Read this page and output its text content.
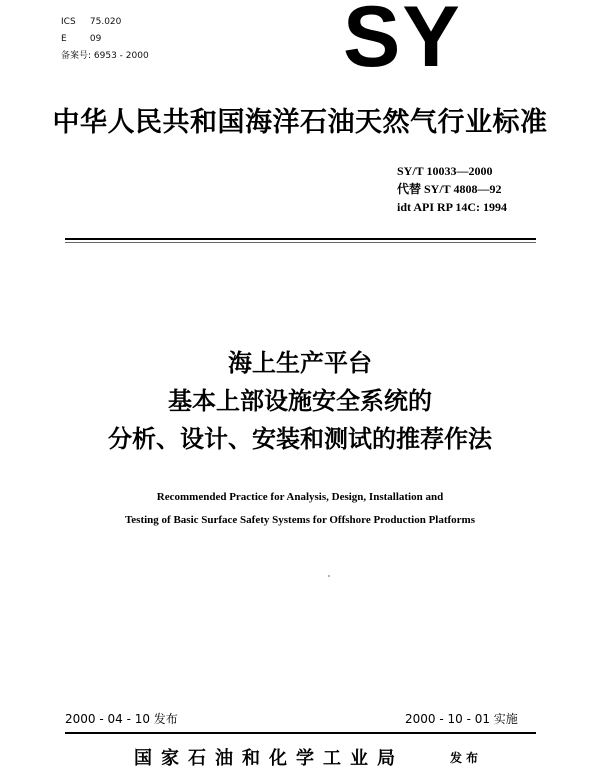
ICS 75.020
E	09
备案号: 6953 - 2000 SY
中华人民共和国海洋石油天然气行业标准
SY/T 10033—2000
代替 SY/T 4808—92
idt API RP 14C: 1994
海上生产平台
基本上部设施安全系统的
分析、设计、安装和测试的推荐作法
Recommended Practice for Analysis, Design, Installation and
Testing of Basic Surface Safety Systems for Offshore Production Platforms
2000 - 04 - 10 发布	2000 - 10 - 01 实施
国家石油和化学工业局	发布
